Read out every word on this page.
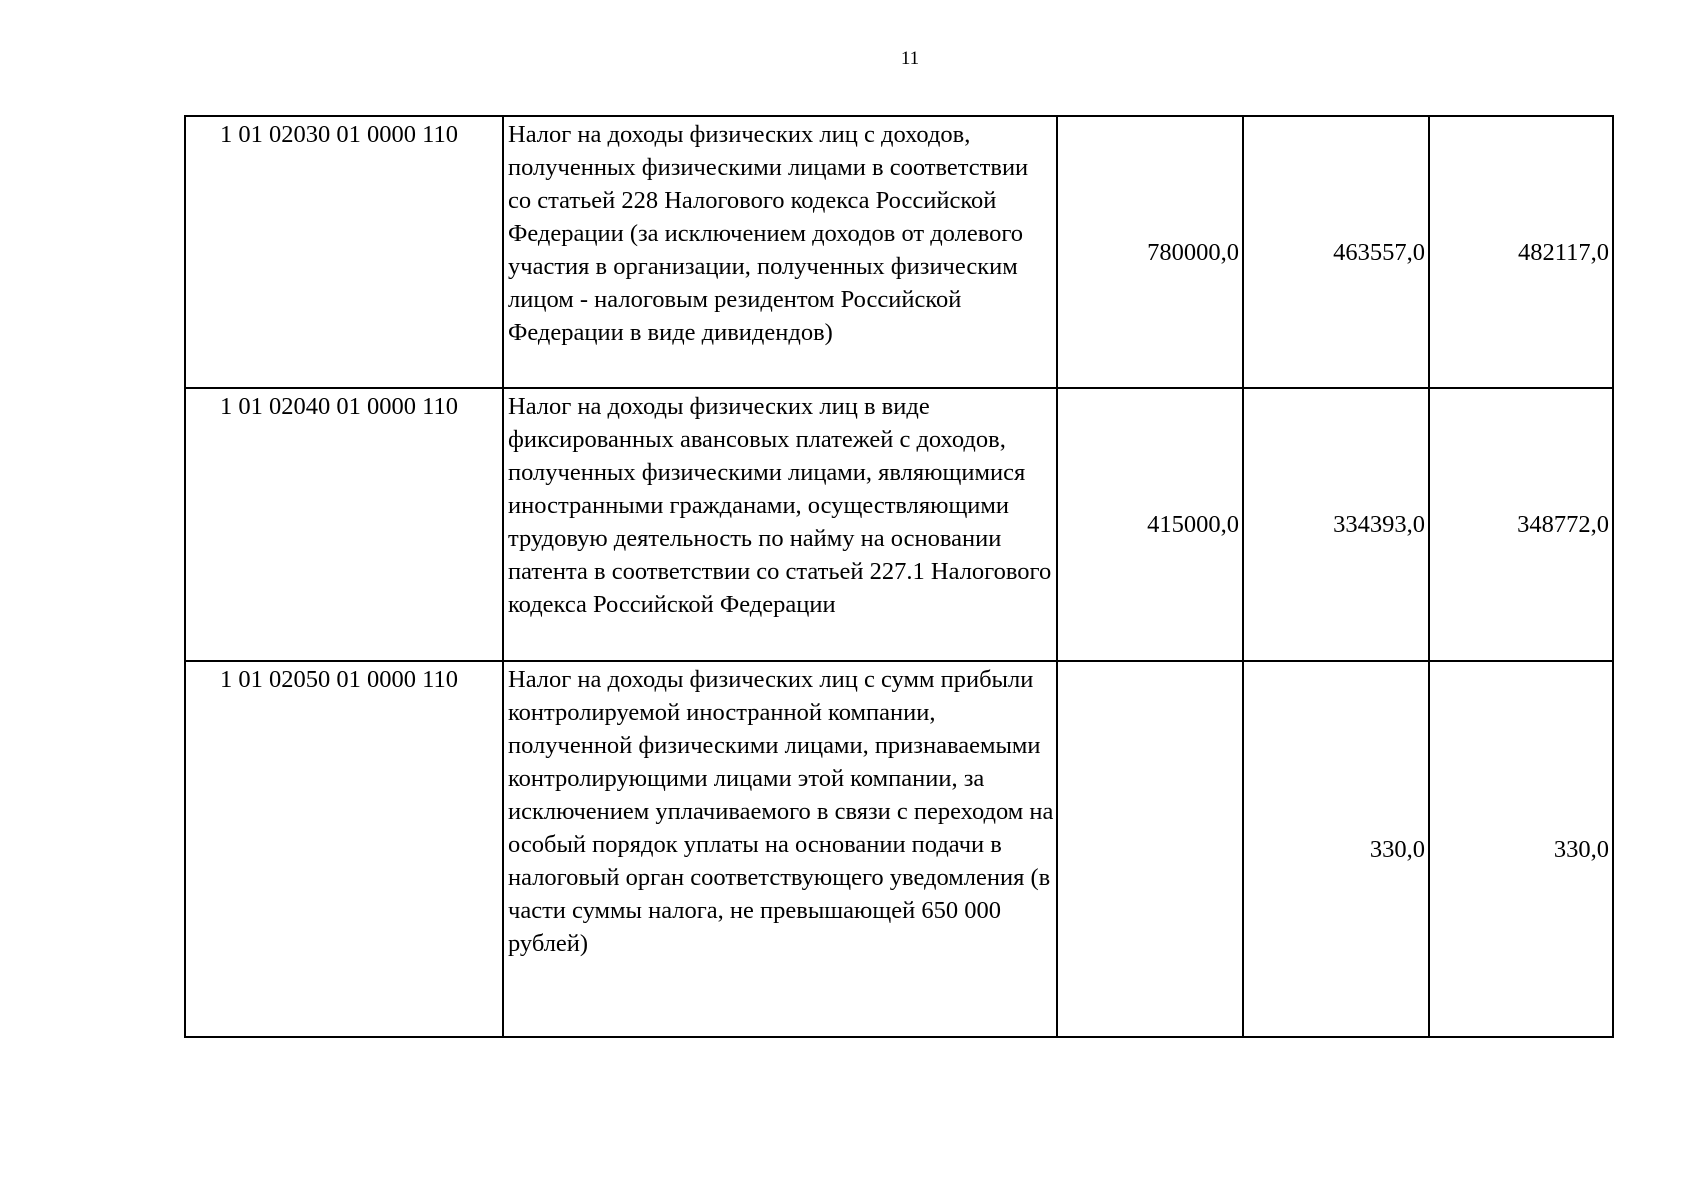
11
1 01 02030 01 0000 110	Налог на доходы физических лиц с доходов, полученных физическими лицами в соответствии со статьей 228 Налогового кодекса Российской Федерации (за исключением доходов от долевого участия в организации, полученных физическим лицом - налоговым резидентом Российской Федерации в виде дивидендов)	780000,0	463557,0	482117,0
1 01 02040 01 0000 110	Налог на доходы физических лиц в виде фиксированных авансовых платежей с доходов, полученных физическими лицами, являющимися иностранными гражданами, осуществляющими трудовую деятельность по найму на основании патента в соответствии со статьей 227.1 Налогового кодекса Российской Федерации	415000,0	334393,0	348772,0
1 01 02050 01 0000 110	Налог на доходы физических лиц с сумм прибыли контролируемой иностранной компании, полученной физическими лицами, признаваемыми контролирующими лицами этой компании, за исключением уплачиваемого в связи с переходом на особый порядок уплаты на основании подачи в налоговый орган соответствующего уведомления (в части суммы налога, не превышающей 650 000 рублей)		330,0	330,0
